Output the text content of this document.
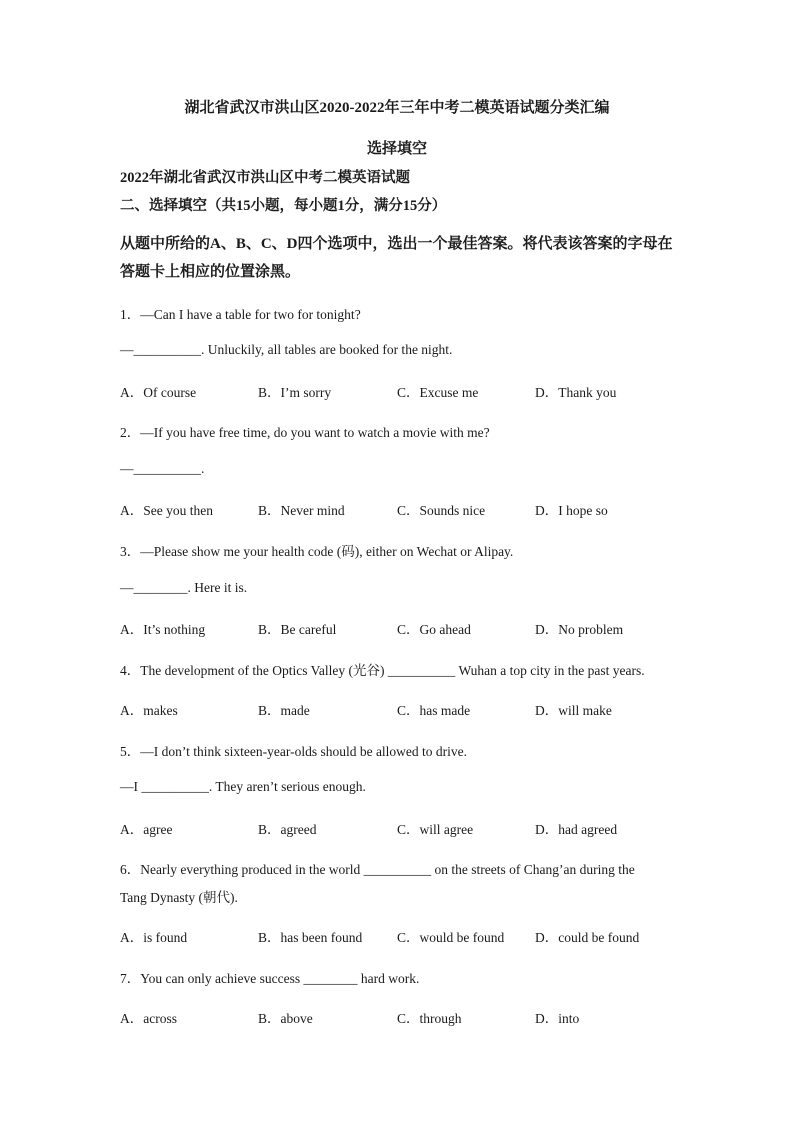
湖北省武汉市洪山区2020-2022年三年中考二模英语试题分类汇编
选择填空
2022年湖北省武汉市洪山区中考二模英语试题
二、选择填空（共15小题，每小题1分，满分15分）
从题中所给的A、B、C、D四个选项中，选出一个最佳答案。将代表该答案的字母在答题卡上相应的位置涂黑。
1．—Can I have a table for two for tonight?
—__________. Unluckily, all tables are booked for the night.
A．Of course	B．I’m sorry	C．Excuse me	D．Thank you
2．—If you have free time, do you want to watch a movie with me?
—__________.
A．See you then	B．Never mind	C．Sounds nice	D．I hope so
3．—Please show me your health code (码), either on Wechat or Alipay.
—________. Here it is.
A．It’s nothing	B．Be careful	C．Go ahead	D．No problem
4．The development of the Optics Valley (光谷) __________ Wuhan a top city in the past years.
A．makes	B．made	C．has made	D．will make
5．—I don’t think sixteen-year-olds should be allowed to drive.
—I __________. They aren’t serious enough.
A．agree	B．agreed	C．will agree	D．had agreed
6．Nearly everything produced in the world __________ on the streets of Chang’an during the
Tang Dynasty (朝代).
A．is found	B．has been found	C．would be found D．could be found
7．You can only achieve success ________ hard work.
A．across	B．above	C．through	D．into
